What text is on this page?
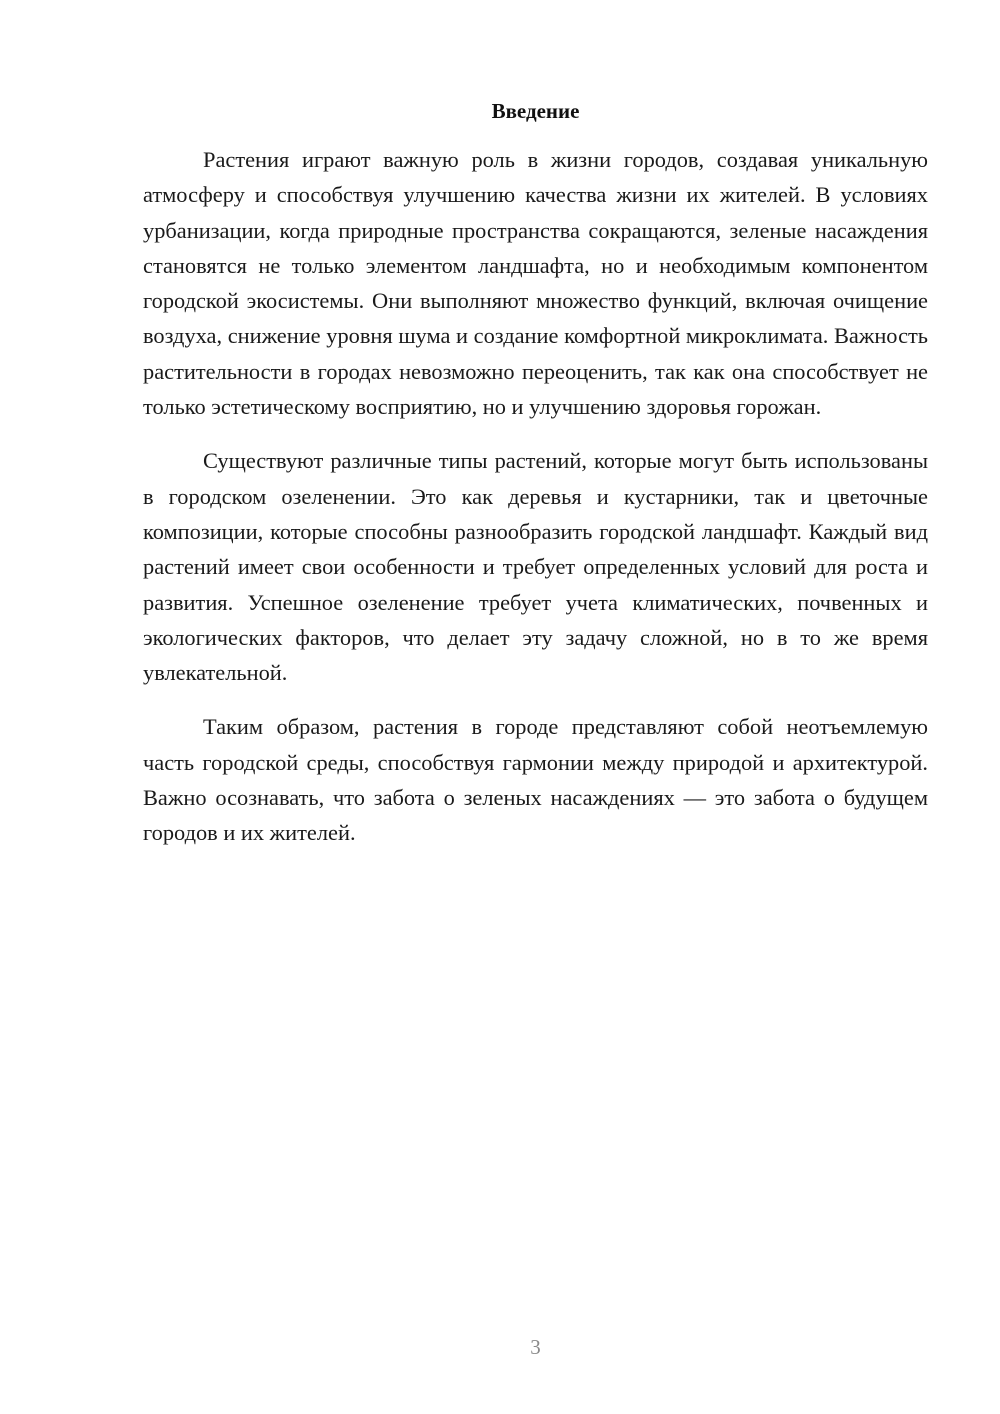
Введение

Растения играют важную роль в жизни городов, создавая уникальную атмосферу и способствуя улучшению качества жизни их жителей. В условиях урбанизации, когда природные пространства сокращаются, зеленые насаждения становятся не только элементом ландшафта, но и необходимым компонентом городской экосистемы. Они выполняют множество функций, включая очищение воздуха, снижение уровня шума и создание комфортной микроклимата. Важность растительности в городах невозможно переоценить, так как она способствует не только эстетическому восприятию, но и улучшению здоровья горожан.

Существуют различные типы растений, которые могут быть использованы в городском озеленении. Это как деревья и кустарники, так и цветочные композиции, которые способны разнообразить городской ландшафт. Каждый вид растений имеет свои особенности и требует определенных условий для роста и развития. Успешное озеленение требует учета климатических, почвенных и экологических факторов, что делает эту задачу сложной, но в то же время увлекательной.

Таким образом, растения в городе представляют собой неотъемлемую часть городской среды, способствуя гармонии между природой и архитектурой. Важно осознавать, что забота о зеленых насаждениях — это забота о будущем городов и их жителей.

3
